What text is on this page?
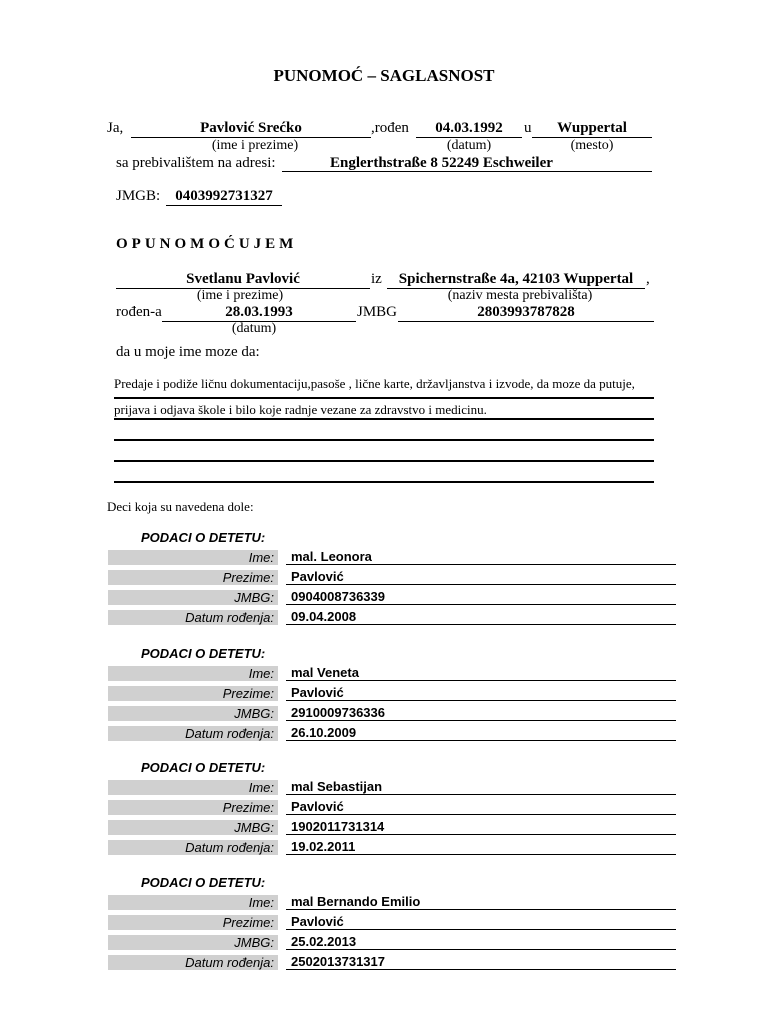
PUNOMOĆ – SAGLASNOST
Ja,	Pavlović Srećko	,rođen	04.03.1992	u	Wuppertal
(ime i prezime)	(datum)	(mesto)
sa prebivalištem na adresi:	Englerthstraße 8 52249 Eschweiler
JMGB:	0403992731327
OPUNOMOĆUJEM
Svetlanu Pavlović	iz	Spichernstraße 4a, 42103 Wuppertal ,
(ime i prezime)	(naziv mesta prebivališta)
rođen-a	28.03.1993	JMBG	2803993787828
(datum)
da u moje ime moze da:
Predaje i podiže ličnu dokumentaciju,pasoše , lične karte, državljanstva i izvode, da moze da putuje,
prijava i odjava škole i bilo koje radnje vezane za zdravstvo i medicinu.
Deci koja su navedena dole:
PODACI O DETETU:
Ime:	mal. Leonora
Prezime:	Pavlović
JMBG:	0904008736339
Datum rođenja:	09.04.2008
PODACI O DETETU:
Ime:	mal Veneta
Prezime:	Pavlović
JMBG:	2910009736336
Datum rođenja:	26.10.2009
PODACI O DETETU:
Ime:	mal Sebastijan
Prezime:	Pavlović
JMBG:	1902011731314
Datum rođenja:	19.02.2011
PODACI O DETETU:
Ime:	mal Bernando Emilio
Prezime:	Pavlović
JMBG:	25.02.2013
Datum rođenja:	2502013731317
